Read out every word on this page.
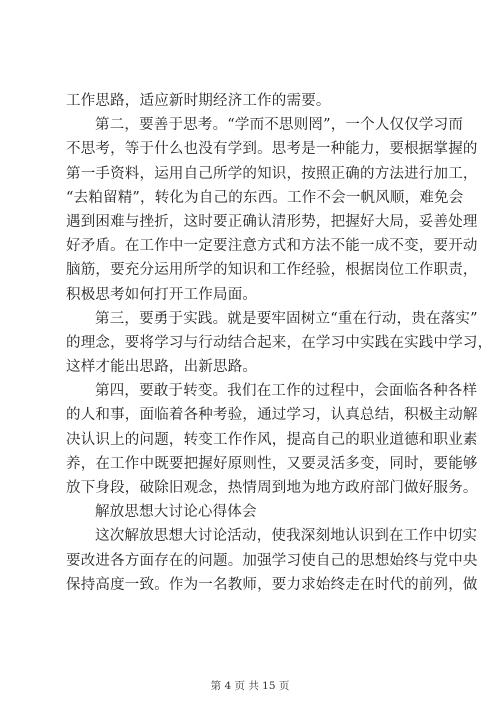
工作思路，适应新时期经济工作的需要。
第二，要善于思考。“学而不思则罔”，一个人仅仅学习而
不思考，等于什么也没有学到。思考是一种能力，要根据掌握的
第一手资料，运用自己所学的知识，按照正确的方法进行加工，
“去粕留精”，转化为自己的东西。工作不会一帆风顺，难免会
遇到困难与挫折，这时要正确认清形势，把握好大局，妥善处理
好矛盾。在工作中一定要注意方式和方法不能一成不变，要开动
脑筋，要充分运用所学的知识和工作经验，根据岗位工作职责，
积极思考如何打开工作局面。
第三，要勇于实践。就是要牢固树立“重在行动，贵在落实”
的理念，要将学习与行动结合起来，在学习中实践在实践中学习，
这样才能出思路，出新思路。
第四，要敢于转变。我们在工作的过程中，会面临各种各样
的人和事，面临着各种考验，通过学习，认真总结，积极主动解
决认识上的问题，转变工作作风，提高自己的职业道德和职业素
养，在工作中既要把握好原则性，又要灵活多变，同时，要能够
放下身段，破除旧观念，热情周到地为地方政府部门做好服务。
解放思想大讨论心得体会
这次解放思想大讨论活动，使我深刻地认识到在工作中切实
要改进各方面存在的问题。加强学习使自己的思想始终与党中央
保持高度一致。作为一名教师，要力求始终走在时代的前列，做
第 4 页 共 15 页
